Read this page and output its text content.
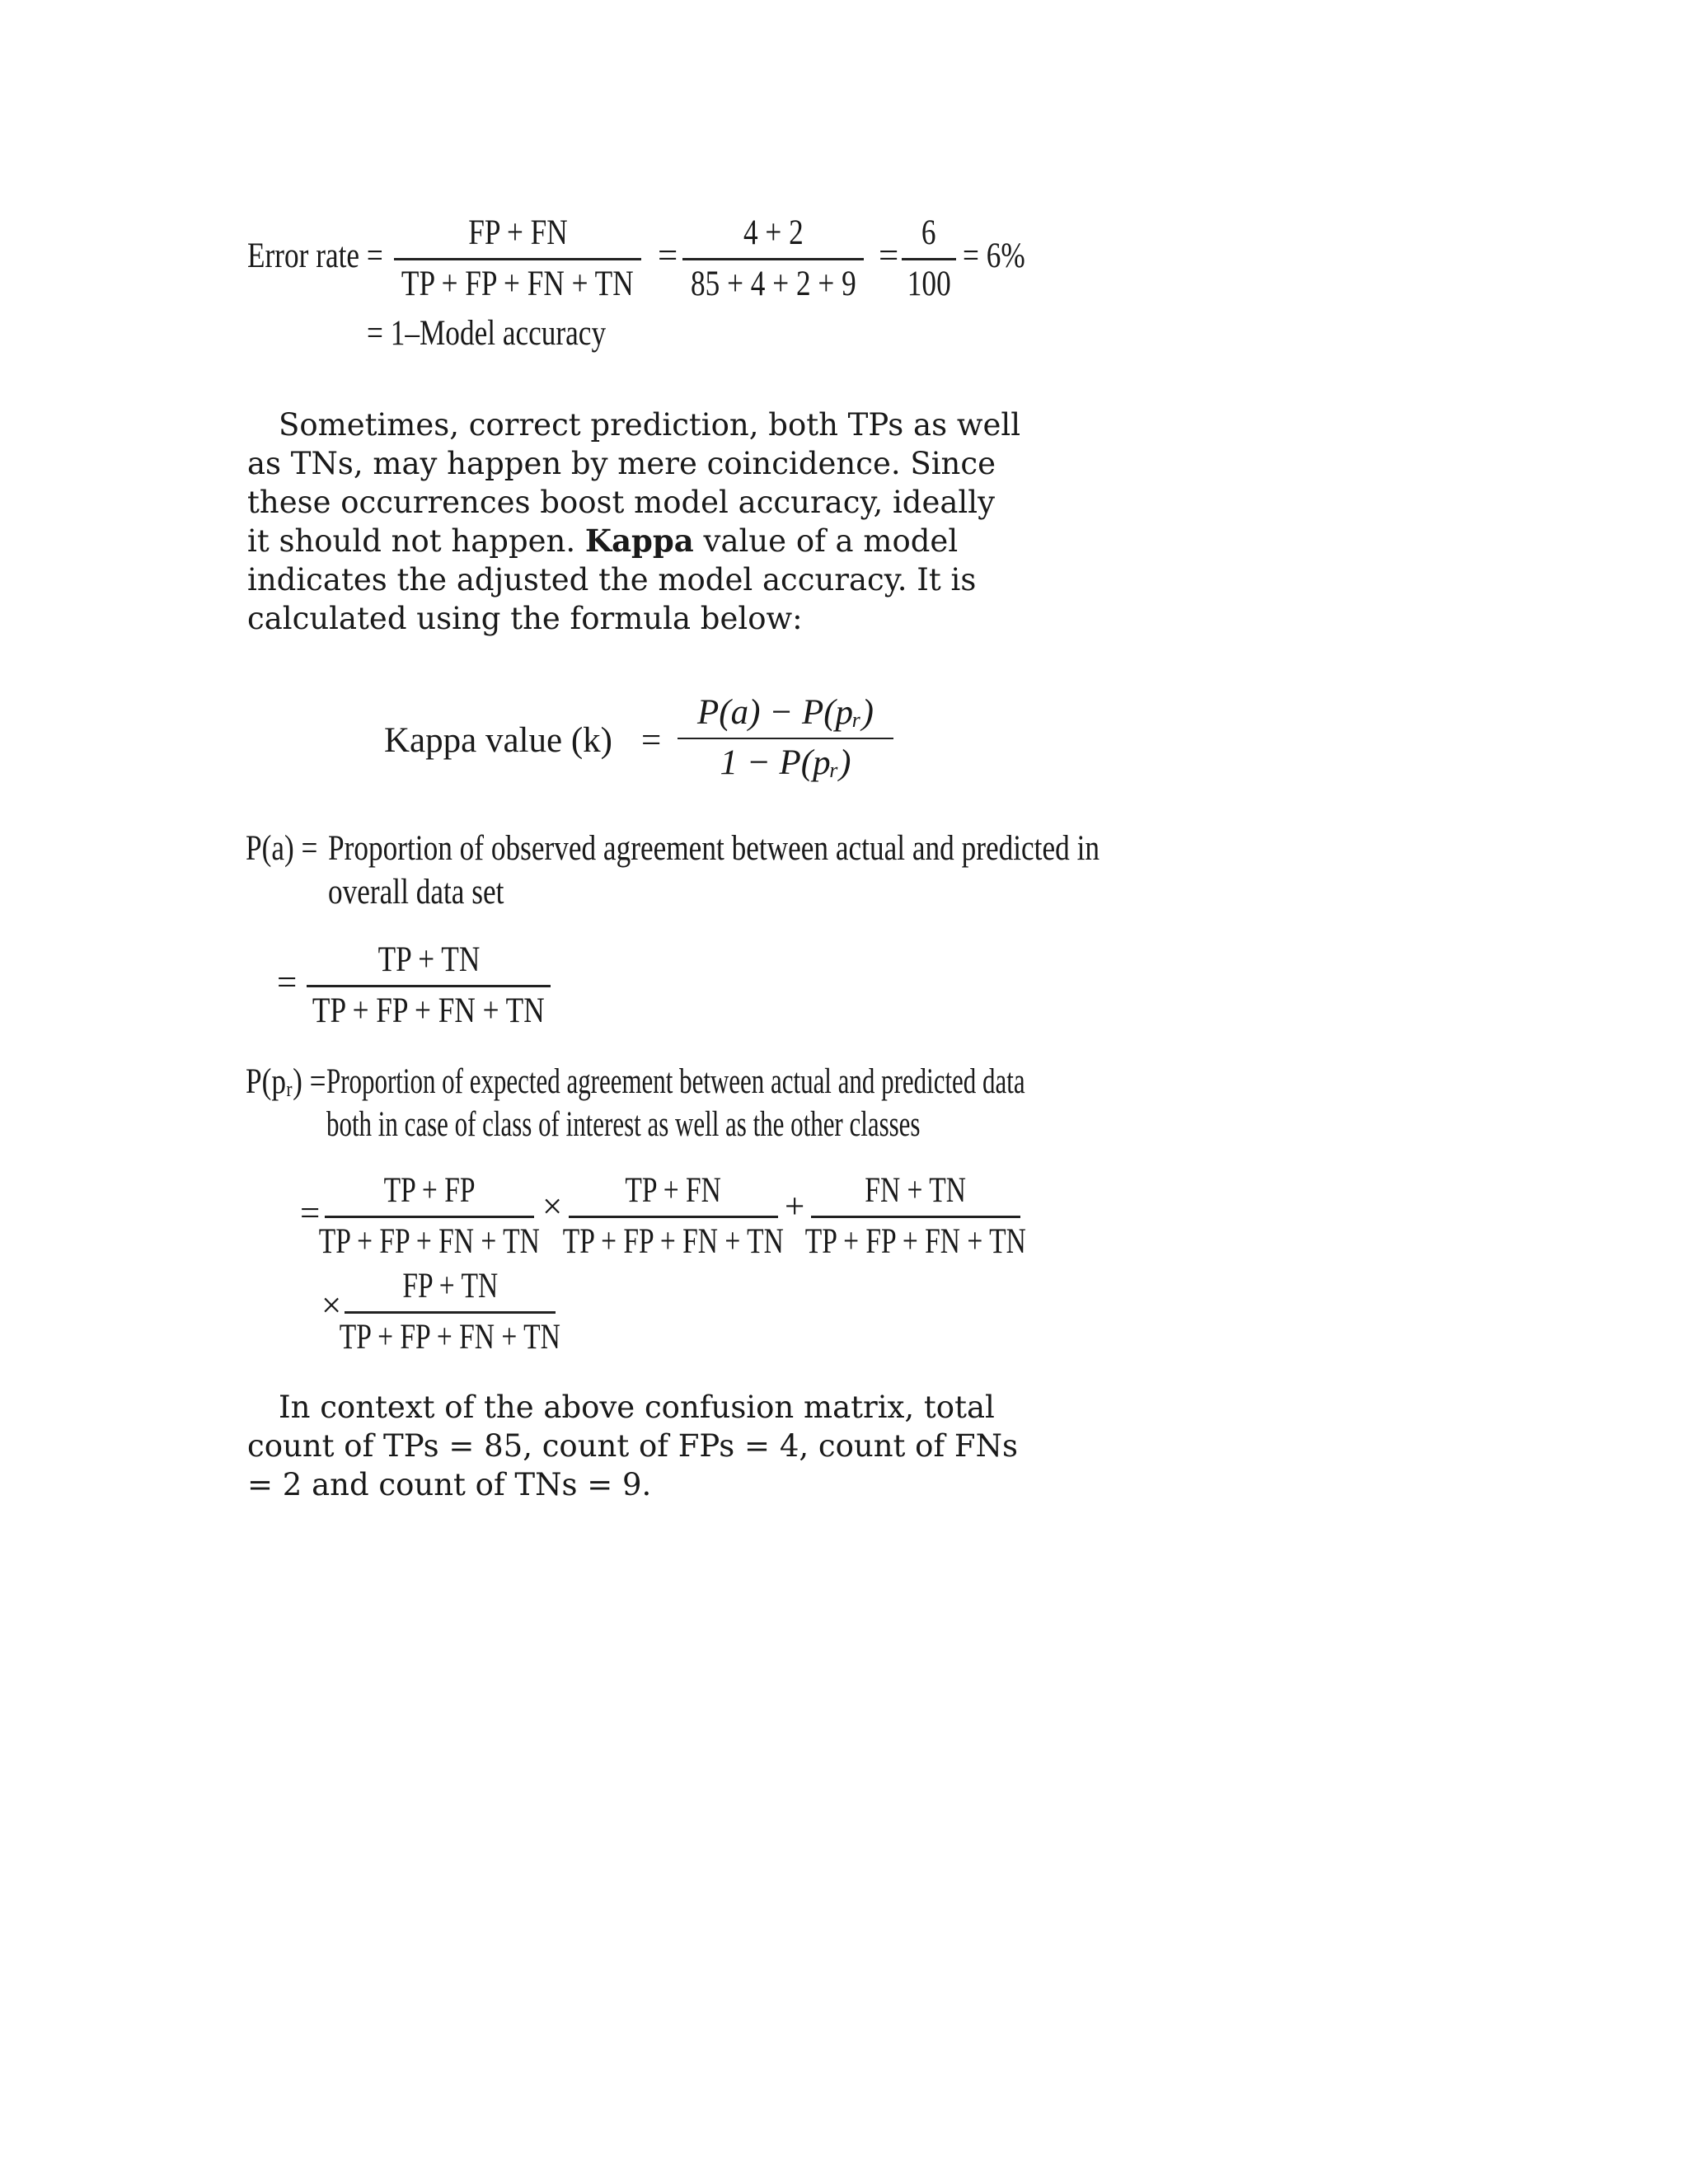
Error rate =
FP + FN
TP + FP + FN + TN
=
4 + 2
85 + 4 + 2 + 9
=
6
100
= 6%
= 1–Model accuracy

Sometimes, correct prediction, both TPs as well as TNs, may happen by mere coincidence. Since these occurrences boost model accuracy, ideally it should not happen. Kappa value of a model indicates the adjusted the model accuracy. It is calculated using the formula below:

Kappa value (k) =
P(a) − P(pᵣ)
1 − P(pᵣ)
P(a) = Proportion of observed agreement between actual and predicted in
overall data set
=
TP + TN
TP + FP + FN + TN
P(pᵣ) = Proportion of expected agreement between actual and predicted data
both in case of class of interest as well as the other classes
=
TP + FP
TP + FP + FN + TN
× TP + FN
TP + FP + FN + TN
+ FN + TN
TP + FP + FN + TN
×
FP + TN
TP + FP + FN + TN

In context of the above confusion matrix, total count of TPs = 85, count of FPs = 4, count of FNs = 2 and count of TNs = 9.
